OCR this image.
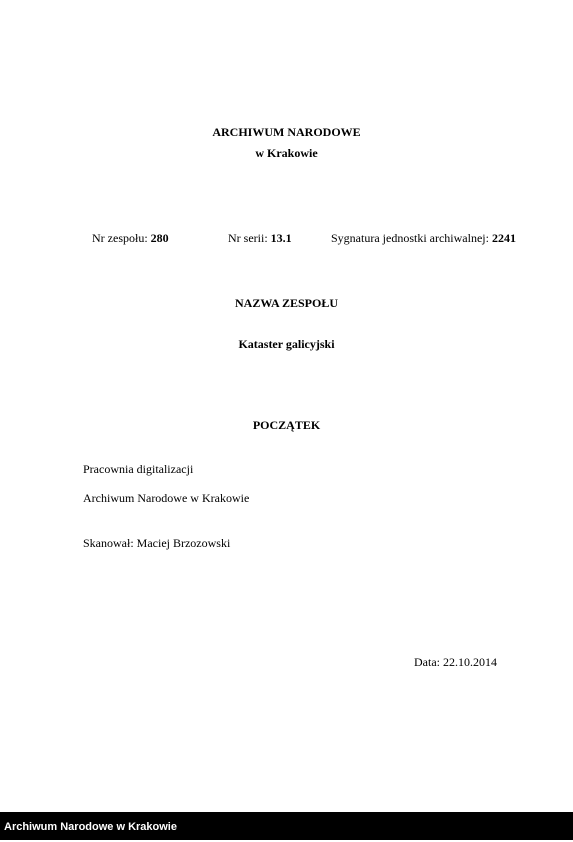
ARCHIWUM NARODOWE
w Krakowie
Nr zespołu: 280	Nr serii: 13.1	Sygnatura jednostki archiwalnej: 2241
NAZWA ZESPOŁU
Kataster galicyjski
POCZĄTEK
Pracownia digitalizacji
Archiwum Narodowe w Krakowie
Skanował: Maciej Brzozowski
Data: 22.10.2014
Archiwum Narodowe w Krakowie
